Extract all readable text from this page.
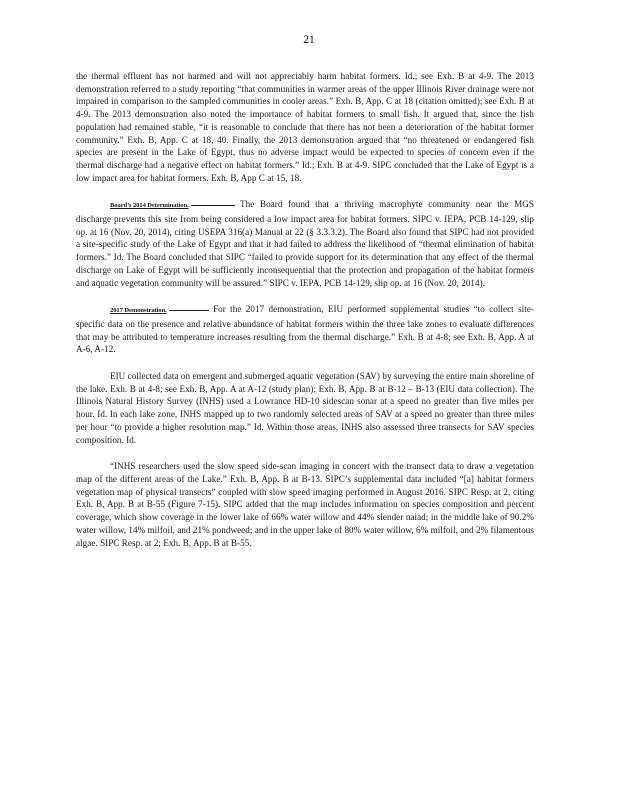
21

the thermal effluent has not harmed and will not appreciably harm habitat formers. Id.; see Exh. B at 4-9. The 2013 demonstration referred to a study reporting “that communities in warmer areas of the upper Illinois River drainage were not impaired in comparison to the sampled communities in cooler areas.” Exh. B, App. C at 18 (citation omitted); see Exh. B at 4-9. The 2013 demonstration also noted the importance of habitat formers to small fish. It argued that, since the fish population had remained stable, “it is reasonable to conclude that there has not been a deterioration of the habitat former community.” Exh. B, App. C at 18, 40. Finally, the 2013 demonstration argued that “no threatened or endangered fish species are present in the Lake of Egypt, thus no adverse impact would be expected to species of concern even if the thermal discharge had a negative effect on habitat formers.” Id.; Exh. B at 4-9. SIPC concluded that the Lake of Egypt is a low impact area for habitat formers. Exh. B, App C at 15, 18.

Board’s 2014 Determination.	The Board found that a thriving macrophyte community near the MGS discharge prevents this site from being considered a low impact area for habitat formers. SIPC v. IEPA, PCB 14-129, slip op. at 16 (Nov. 20, 2014), citing USEPA 316(a) Manual at 22 (§ 3.3.3.2). The Board also found that SIPC had not provided a site-specific study of the Lake of Egypt and that it had failed to address the likelihood of “thermal elimination of habitat formers.” Id. The Board concluded that SIPC “failed to provide support for its determination that any effect of the thermal discharge on Lake of Egypt will be sufficiently inconsequential that the protection and propagation of the habitat formers and aquatic vegetation community will be assured.” SIPC v. IEPA, PCB 14-129, slip op. at 16 (Nov. 20, 2014).

2017 Demonstration.	For the 2017 demonstration, EIU performed supplemental studies “to collect site-specific data on the presence and relative abundance of habitat formers within the three lake zones to evaluate differences that may be attributed to temperature increases resulting from the thermal discharge.” Exh. B at 4-8; see Exh. B, App. A at A-6, A-12.

EIU collected data on emergent and submerged aquatic vegetation (SAV) by surveying the entire main shoreline of the lake. Exh. B at 4-8; see Exh. B, App. A at A-12 (study plan); Exh. B, App. B at B-12 – B-13 (EIU data collection). The Illinois Natural History Survey (INHS) used a Lowrance HD-10 sidescan sonar at a speed no greater than five miles per hour. Id. In each lake zone, INHS mapped up to two randomly selected areas of SAV at a speed no greater than three miles per hour “to provide a higher resolution map.” Id. Within those areas, INHS also assessed three transects for SAV species composition. Id.

“INHS researchers used the slow speed side-scan imaging in concert with the transect data to draw a vegetation map of the different areas of the Lake.” Exh. B, App. B at B-13. SIPC’s supplemental data included “[a] habitat formers vegetation map of physical transects” coupled with slow speed imaging performed in August 2016. SIPC Resp. at 2, citing Exh. B, App. B at B-55 (Figure 7-15). SIPC added that the map includes information on species composition and percent coverage, which show coverage in the lower lake of 66% water willow and 44% slender naiad; in the middle lake of 90.2% water willow, 14% milfoil, and 21% pondweed; and in the upper lake of 80% water willow, 6% milfoil, and 2% filamentous algae. SIPC Resp. at 2; Exh. B, App. B at B-55.
